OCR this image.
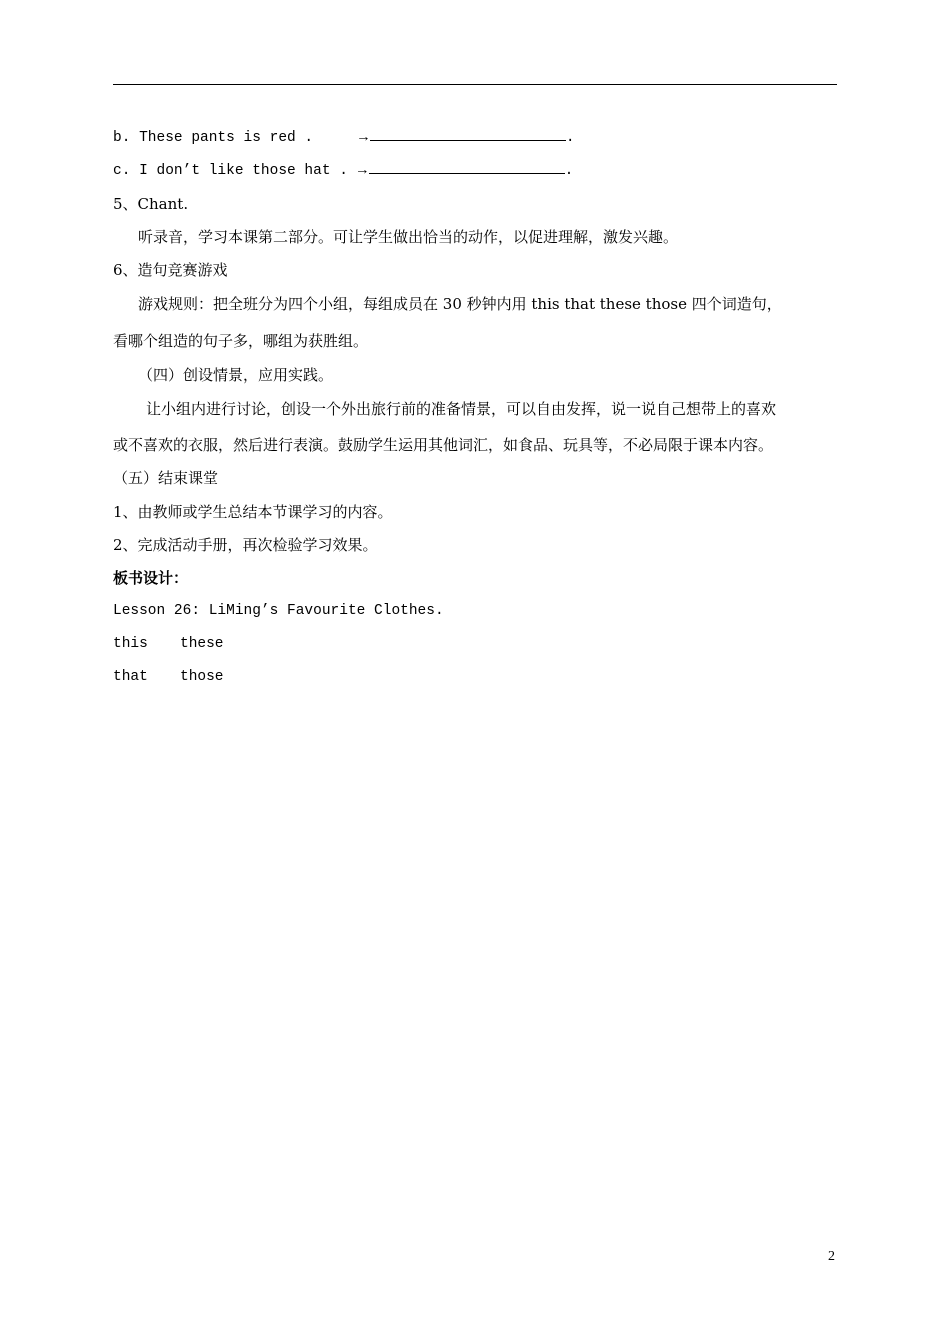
b. These pants is red .	→	.
c. I don’t like those hat . →	.
5、Chant.
听录音，学习本课第二部分。可让学生做出恰当的动作，以促进理解，激发兴趣。
6、造句竞赛游戏
游戏规则：把全班分为四个小组，每组成员在 30 秒钟内用 this that these those 四个词造句，
看哪个组造的句子多，哪组为获胜组。
（四）创设情景，应用实践。
让小组内进行讨论，创设一个外出旅行前的准备情景，可以自由发挥，说一说自己想带上的喜欢
或不喜欢的衣服，然后进行表演。鼓励学生运用其他词汇，如食品、玩具等，不必局限于课本内容。
（五）结束课堂
1、由教师或学生总结本节课学习的内容。
2、完成活动手册，再次检验学习效果。
板书设计：
Lesson 26: LiMing’s Favourite Clothes.
this these
that those
2
